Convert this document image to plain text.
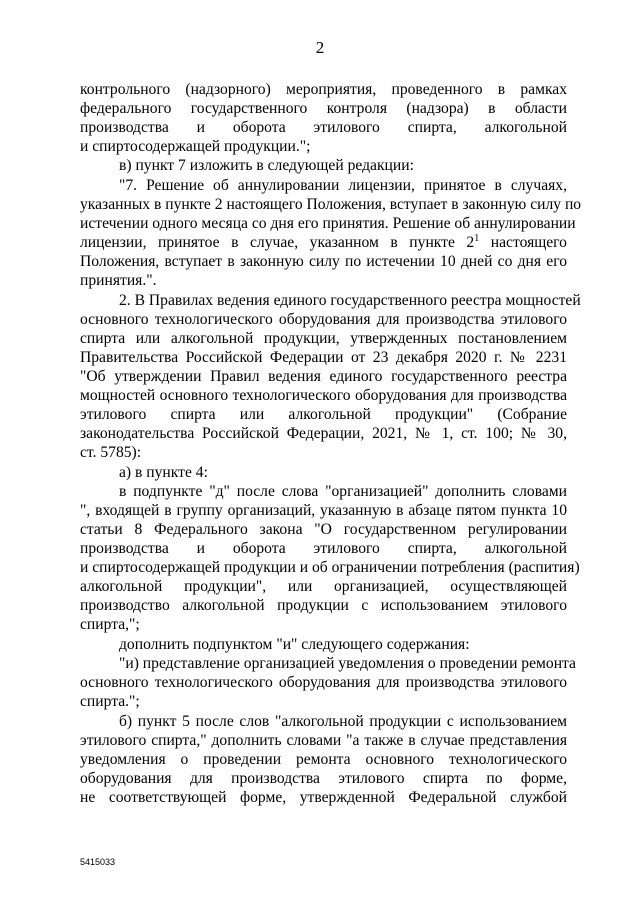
2
контрольного (надзорного) мероприятия, проведенного в рамках
федерального государственного контроля (надзора) в области
производства и оборота этилового спирта, алкогольной
и спиртосодержащей продукции.";
в) пункт 7 изложить в следующей редакции:
"7. Решение об аннулировании лицензии, принятое в случаях,
указанных в пункте 2 настоящего Положения, вступает в законную силу по
истечении одного месяца со дня его принятия. Решение об аннулировании
лицензии, принятое в случае, указанном в пункте $2^1$ настоящего
Положения, вступает в законную силу по истечении 10 дней со дня его
принятия.".
2. В Правилах ведения единого государственного реестра мощностей
основного технологического оборудования для производства этилового
спирта или алкогольной продукции, утвержденных постановлением
Правительства Российской Федерации от 23 декабря 2020 г. № 2231
"Об утверждении Правил ведения единого государственного реестра
мощностей основного технологического оборудования для производства
этилового спирта или алкогольной продукции" (Собрание
законодательства Российской Федерации, 2021, № 1, ст. 100; № 30,
ст. 5785):
а) в пункте 4:
в подпункте "д" после слова "организацией" дополнить словами
", входящей в группу организаций, указанную в абзаце пятом пункта 10
статьи 8 Федерального закона "О государственном регулировании
производства и оборота этилового спирта, алкогольной
и спиртосодержащей продукции и об ограничении потребления (распития)
алкогольной продукции", или организацией, осуществляющей
производство алкогольной продукции с использованием этилового
спирта,";
дополнить подпунктом "и" следующего содержания:
"и) представление организацией уведомления о проведении ремонта
основного технологического оборудования для производства этилового
спирта.";
б) пункт 5 после слов "алкогольной продукции с использованием
этилового спирта," дополнить словами "а также в случае представления
уведомления о проведении ремонта основного технологического
оборудования для производства этилового спирта по форме,
не соответствующей форме, утвержденной Федеральной службой
5415033
